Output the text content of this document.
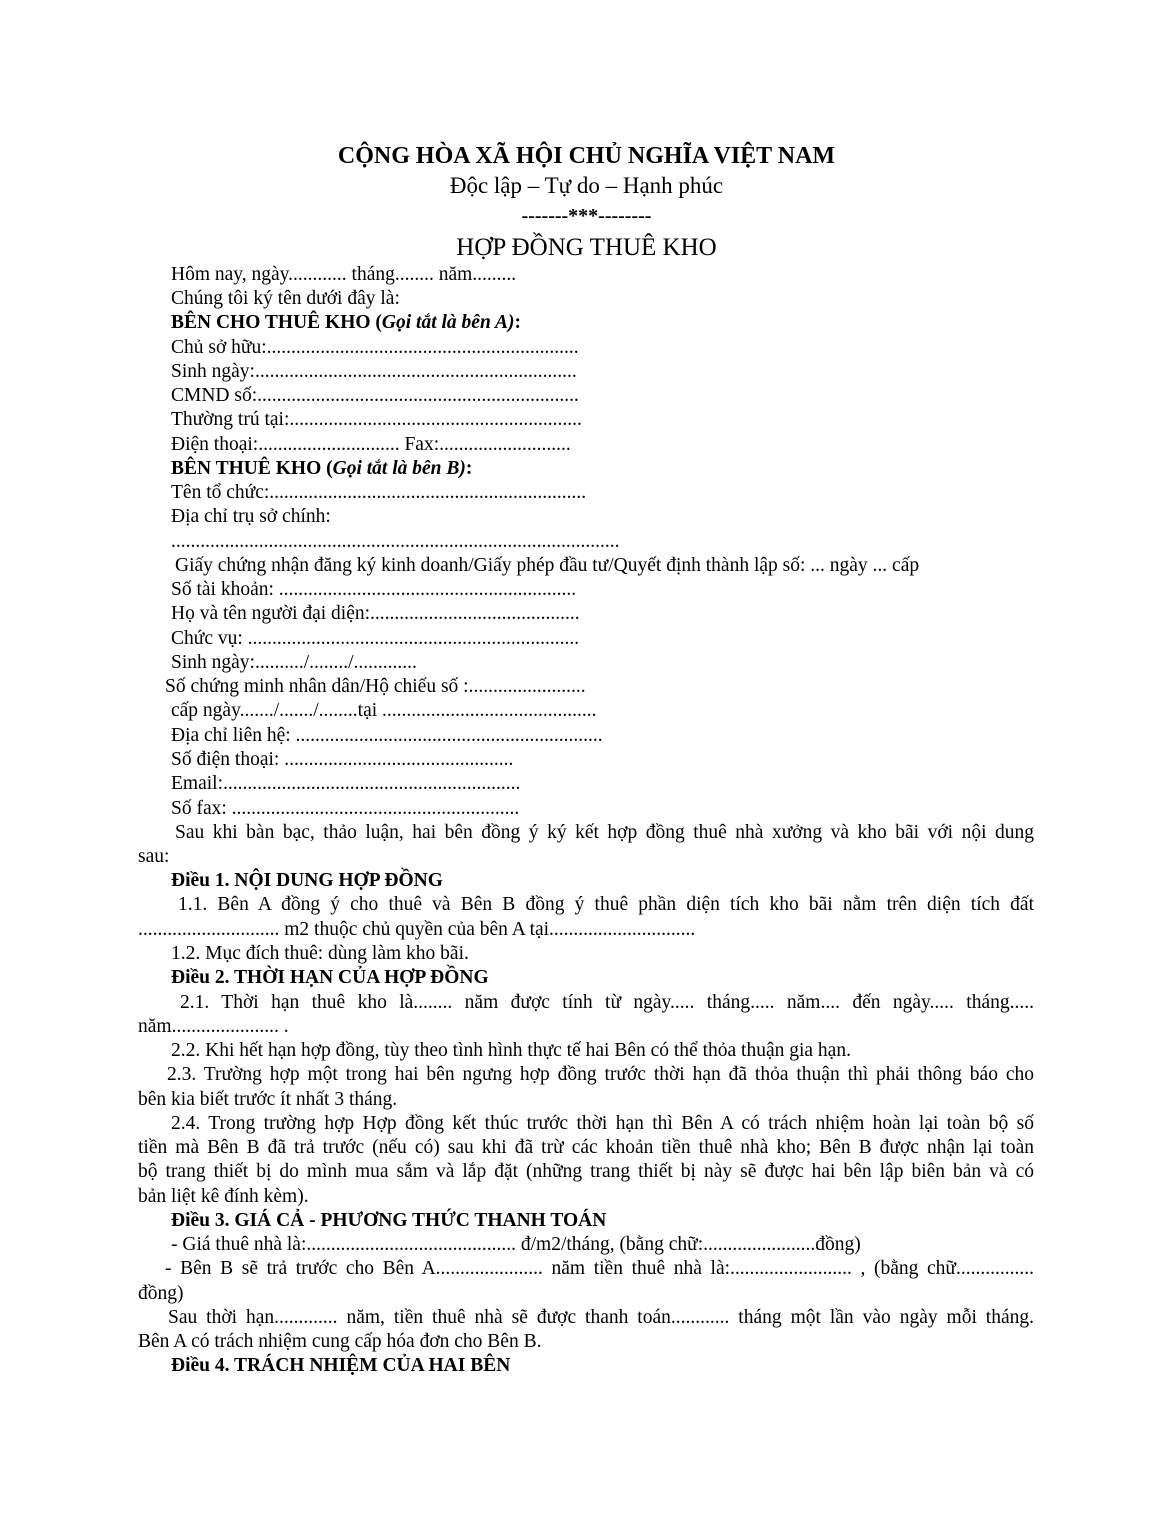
CỘNG HÒA XÃ HỘI CHỦ NGHĨA VIỆT NAM
Độc lập – Tự do – Hạnh phúc
-------***--------
HỢP ĐỒNG THUÊ KHO
Hôm nay, ngày............ tháng........ năm.........
Chúng tôi ký tên dưới đây là:
BÊN CHO THUÊ KHO (Gọi tắt là bên A):
Chủ sở hữu:................................................................
Sinh ngày:..................................................................
CMND số:..................................................................
Thường trú tại:............................................................
Điện thoại:............................. Fax:...........................
BÊN THUÊ KHO (Gọi tắt là bên B):
Tên tổ chức:.................................................................
Địa chỉ trụ sở chính:
............................................................................................
Giấy chứng nhận đăng ký kinh doanh/Giấy phép đầu tư/Quyết định thành lập số: ... ngày ... cấp
Số tài khoản: .............................................................
Họ và tên người đại diện:...........................................
Chức vụ: ....................................................................
Sinh ngày:........../......../.............
Số chứng minh nhân dân/Hộ chiếu số :........................
cấp ngày......./......./........tại ............................................
Địa chỉ liên hệ: ...............................................................
Số điện thoại: ...............................................
Email:.............................................................
Số fax: ...........................................................
Sau khi bàn bạc, thảo luận, hai bên đồng ý ký kết hợp đồng thuê nhà xưởng và kho bãi với nội dung
sau:
Điều 1. NỘI DUNG HỢP ĐỒNG
1.1. Bên A đồng ý cho thuê và Bên B đồng ý thuê phần diện tích kho bãi nằm trên diện tích đất
............................. m2 thuộc chủ quyền của bên A tại..............................
1.2. Mục đích thuê: dùng làm kho bãi.
Điều 2. THỜI HẠN CỦA HỢP ĐỒNG
2.1. Thời hạn thuê kho là........ năm được tính từ ngày..... tháng..... năm.... đến ngày..... tháng.....
năm...................... .
2.2. Khi hết hạn hợp đồng, tùy theo tình hình thực tế hai Bên có thể thỏa thuận gia hạn.
2.3. Trường hợp một trong hai bên ngưng hợp đồng trước thời hạn đã thỏa thuận thì phải thông báo cho
bên kia biết trước ít nhất 3 tháng.
2.4. Trong trường hợp Hợp đồng kết thúc trước thời hạn thì Bên A có trách nhiệm hoàn lại toàn bộ số
tiền mà Bên B đã trả trước (nếu có) sau khi đã trừ các khoản tiền thuê nhà kho; Bên B được nhận lại toàn
bộ trang thiết bị do mình mua sắm và lắp đặt (những trang thiết bị này sẽ được hai bên lập biên bản và có
bản liệt kê đính kèm).
Điều 3. GIÁ CẢ - PHƯƠNG THỨC THANH TOÁN
- Giá thuê nhà là:........................................... đ/m2/tháng, (bằng chữ:.......................đồng)
- Bên B sẽ trả trước cho Bên A...................... năm tiền thuê nhà là:......................... , (bằng chữ................
đồng)
Sau thời hạn............. năm, tiền thuê nhà sẽ được thanh toán............ tháng một lần vào ngày mỗi tháng.
Bên A có trách nhiệm cung cấp hóa đơn cho Bên B.
Điều 4. TRÁCH NHIỆM CỦA HAI BÊN
